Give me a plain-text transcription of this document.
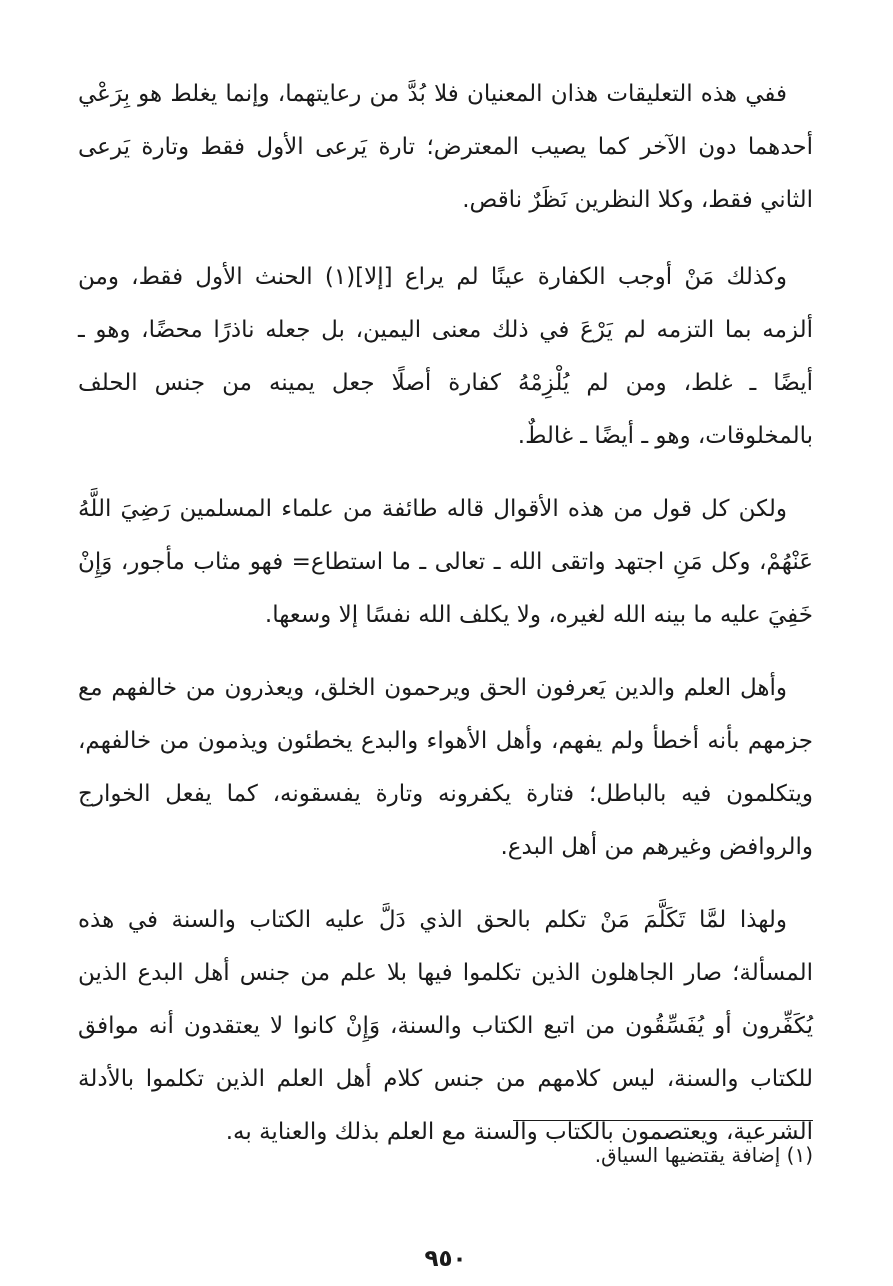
ففي هذه التعليقات هذان المعنيان فلا بُدَّ من رعايتهما، وإنما يغلط هو بِرَعْي أحدهما دون الآخر كما يصيب المعترض؛ تارة يَرعى الأول فقط وتارة يَرعى الثاني فقط، وكلا النظرين نَظَرٌ ناقص.

وكذلك مَنْ أوجب الكفارة عينًا لم يراع [إلا](١) الحنث الأول فقط، ومن ألزمه بما التزمه لم يَرْعَ في ذلك معنى اليمين، بل جعله ناذرًا محضًا، وهو ـ أيضًا ـ غلط، ومن لم يُلْزِمْهُ كفارة أصلًا جعل يمينه من جنس الحلف بالمخلوقات، وهو ـ أيضًا ـ غالطٌ.

ولكن كل قول من هذه الأقوال قاله طائفة من علماء المسلمين رَضِيَ اللَّهُ عَنْهُمْ، وكل مَنِ اجتهد واتقى الله ـ تعالى ـ ما استطاع= فهو مثاب مأجور، وَإِنْ خَفِيَ عليه ما بينه الله لغيره، ولا يكلف الله نفسًا إلا وسعها.

وأهل العلم والدين يَعرفون الحق ويرحمون الخلق، ويعذرون من خالفهم مع جزمهم بأنه أخطأ ولم يفهم، وأهل الأهواء والبدع يخطئون ويذمون من خالفهم، ويتكلمون فيه بالباطل؛ فتارة يكفرونه وتارة يفسقونه، كما يفعل الخوارج والروافض وغيرهم من أهل البدع.

ولهذا لمَّا تَكَلَّمَ مَنْ تكلم بالحق الذي دَلَّ عليه الكتاب والسنة في هذه المسألة؛ صار الجاهلون الذين تكلموا فيها بلا علم من جنس أهل البدع الذين يُكَفِّرون أو يُفَسِّقُون من اتبع الكتاب والسنة، وَإِنْ كانوا لا يعتقدون أنه موافق للكتاب والسنة، ليس كلامهم من جنس كلام أهل العلم الذين تكلموا بالأدلة الشرعية، ويعتصمون بالكتاب والسنة مع العلم بذلك والعناية به.

(١) إضافة يقتضيها السياق.
٩٥٠
